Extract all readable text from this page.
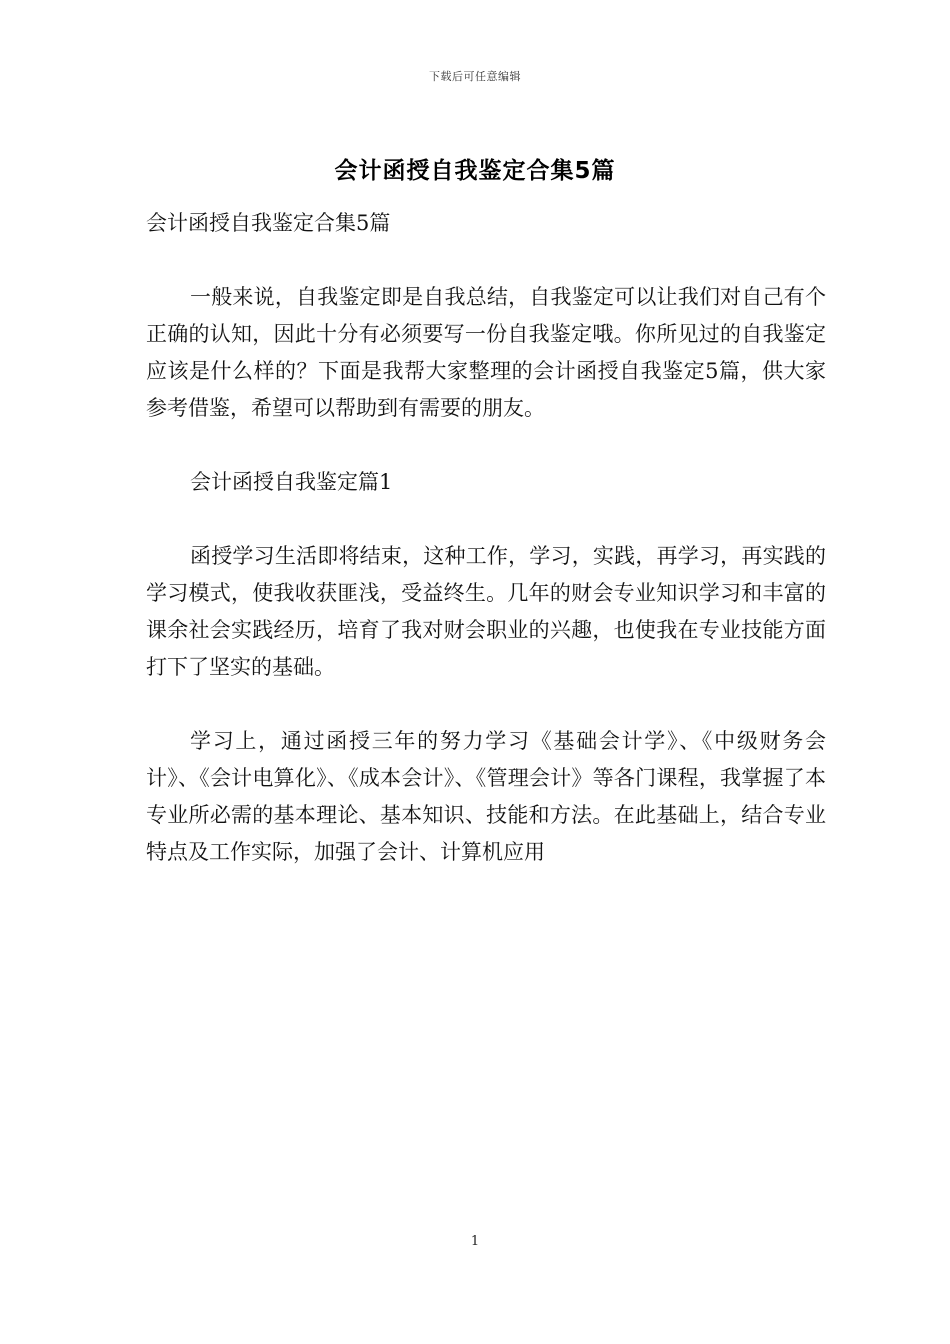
下载后可任意编辑
会计函授自我鉴定合集5篇

会计函授自我鉴定合集5篇

一般来说，自我鉴定即是自我总结，自我鉴定可以让我们对自己有个正确的认知，因此十分有必须要写一份自我鉴定哦。你所见过的自我鉴定应该是什么样的？下面是我帮大家整理的会计函授自我鉴定5篇，供大家参考借鉴，希望可以帮助到有需要的朋友。

会计函授自我鉴定篇1

函授学习生活即将结束，这种工作，学习，实践，再学习，再实践的学习模式，使我收获匪浅，受益终生。几年的财会专业知识学习和丰富的课余社会实践经历，培育了我对财会职业的兴趣，也使我在专业技能方面打下了坚实的基础。

学习上，通过函授三年的努力学习《基础会计学》、《中级财务会计》、《会计电算化》、《成本会计》、《管理会计》等各门课程，我掌握了本专业所必需的基本理论、基本知识、技能和方法。在此基础上，结合专业特点及工作实际，加强了会计、计算机应用

1
